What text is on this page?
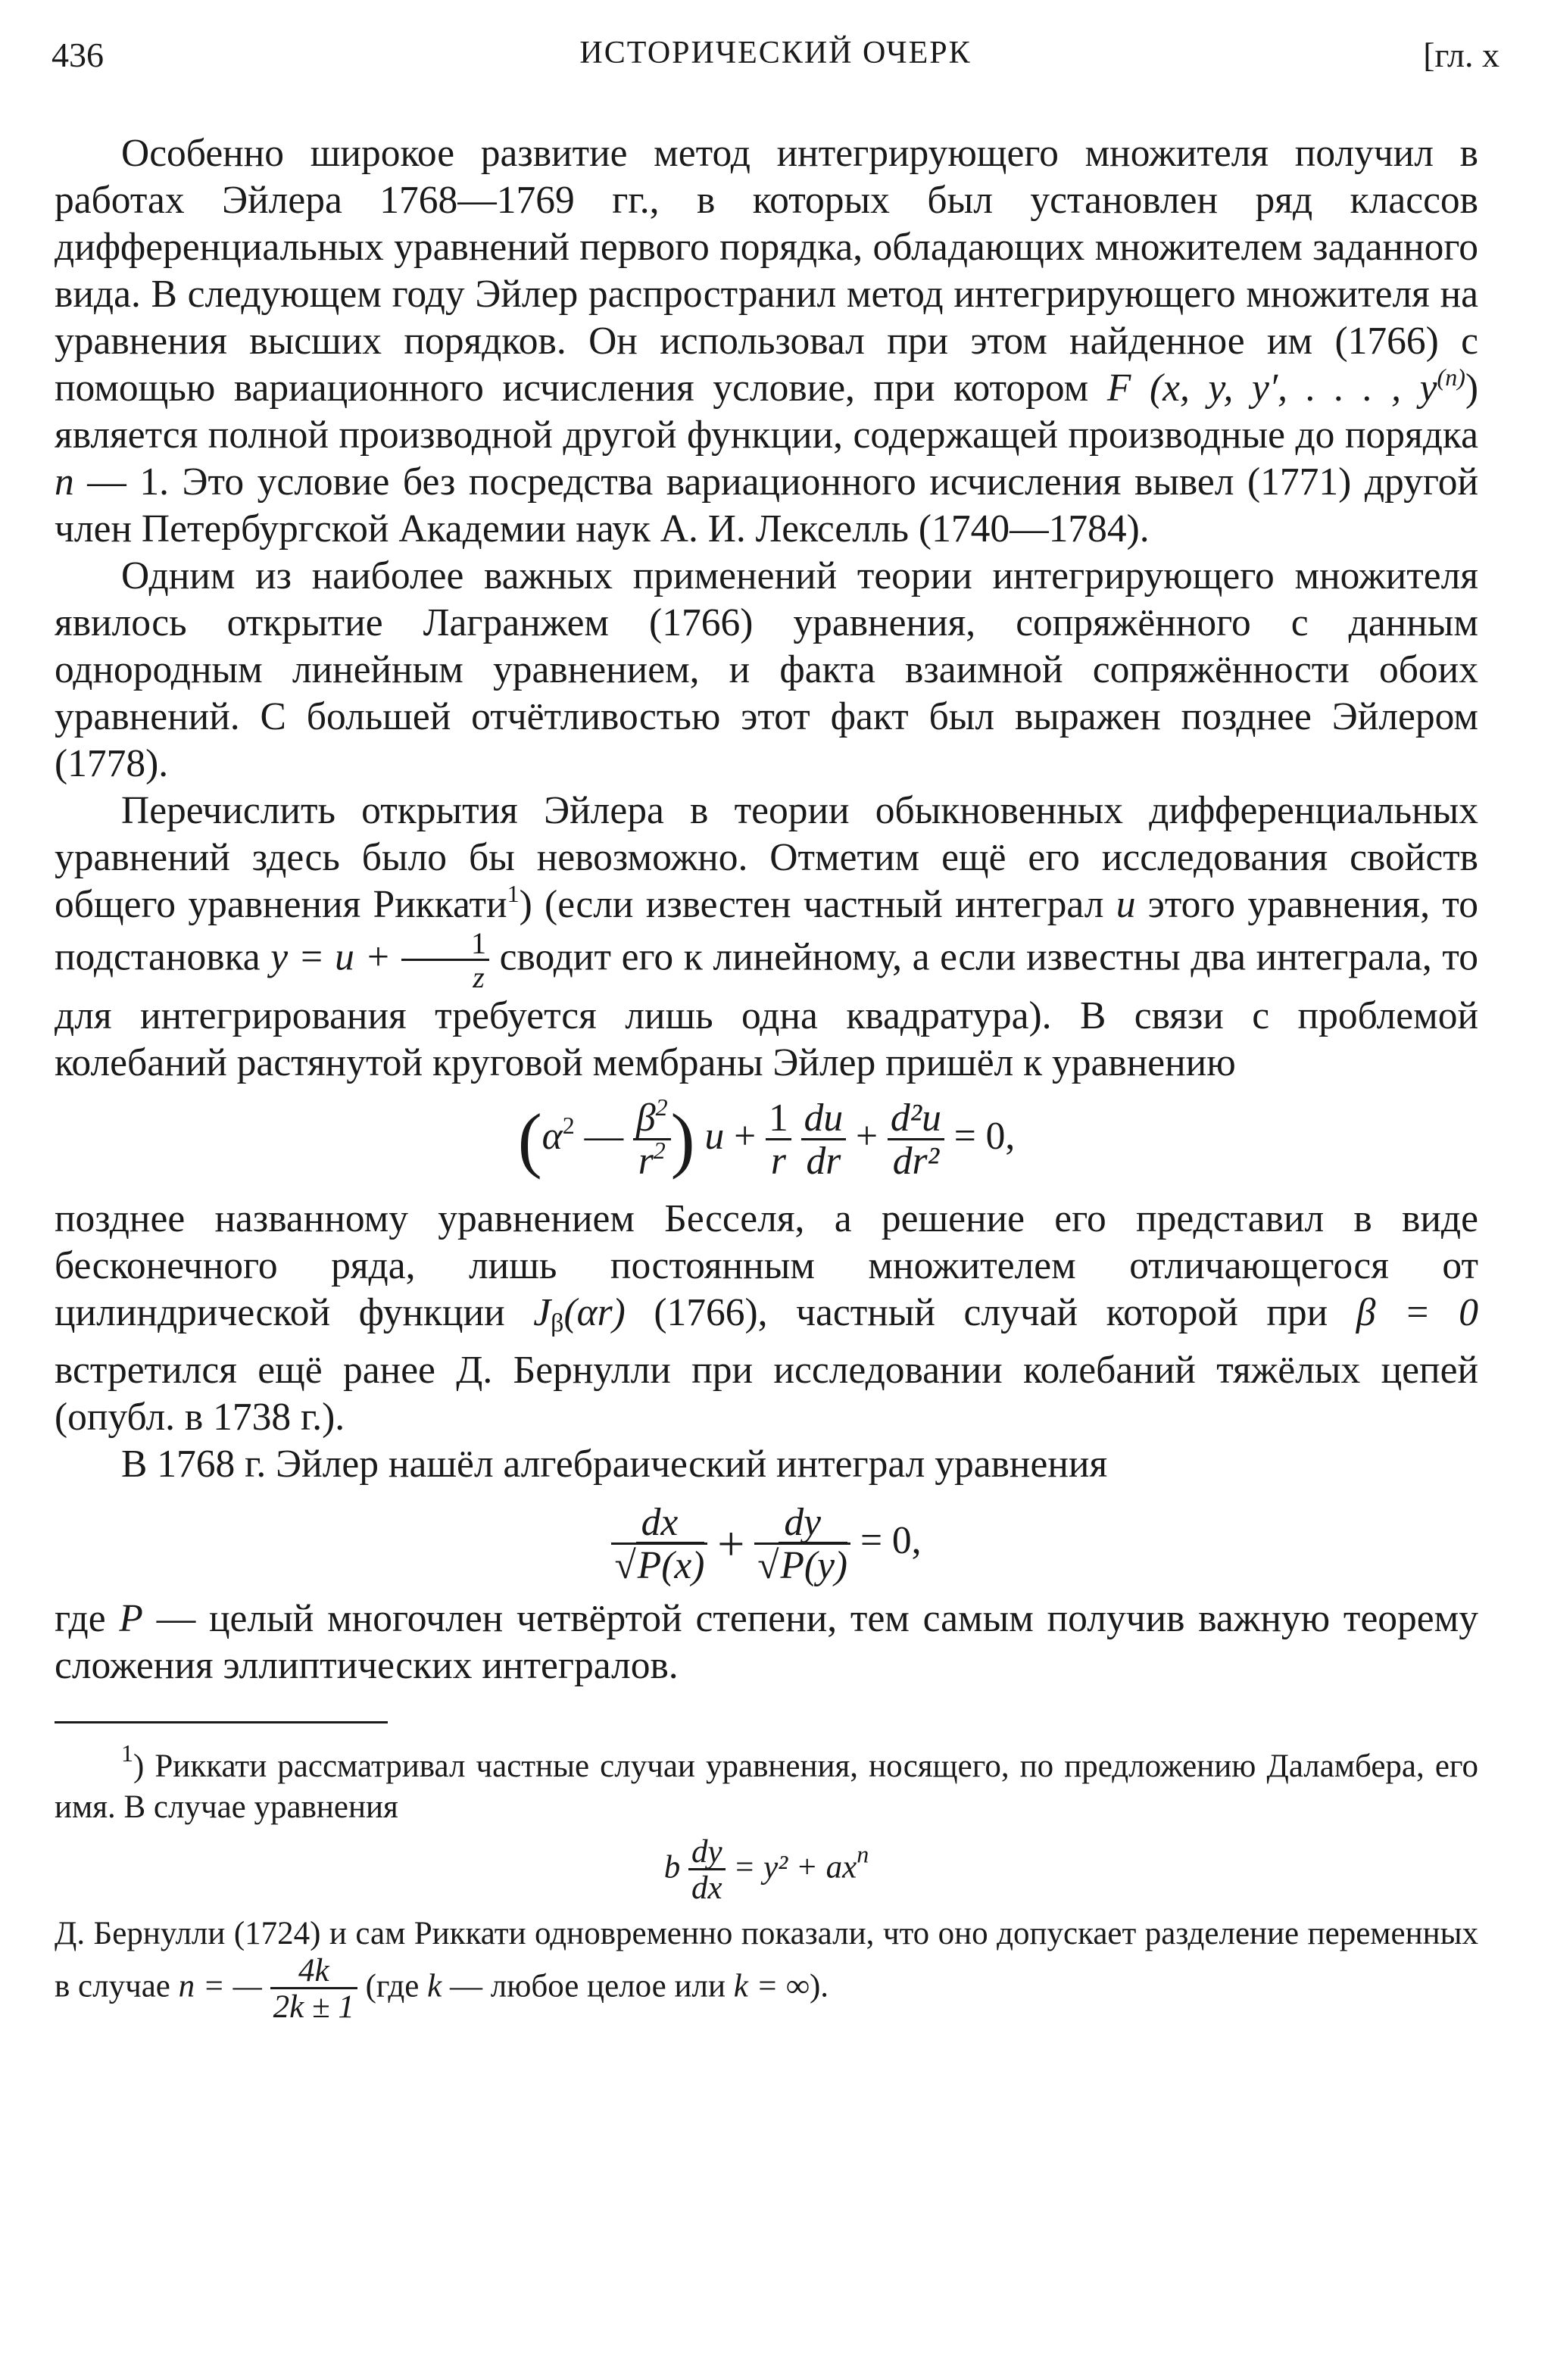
436	ИСТОРИЧЕСКИЙ ОЧЕРК	[гл. x

Особенно широкое развитие метод интегрирующего множителя получил в работах Эйлера 1768—1769 гг., в которых был установлен ряд классов дифференциальных уравнений первого порядка, обладающих множителем заданного вида. В следующем году Эйлер распространил метод интегрирующего множителя на уравнения высших порядков. Он использовал при этом найденное им (1766) с помощью вариационного исчисления условие, при котором F (x, y, y′, . . . , $y^{(n)}$) является полной производной другой функции, содержащей производные до порядка n — 1. Это условие без посредства вариационного исчисления вывел (1771) другой член Петербургской Академии наук А. И. Лекселль (1740—1784).

Одним из наиболее важных применений теории интегрирующего множителя явилось открытие Лагранжем (1766) уравнения, сопряжённого с данным однородным линейным уравнением, и факта взаимной сопряжённости обоих уравнений. С большей отчётливостью этот факт был выражен позднее Эйлером (1778).

Перечислить открытия Эйлера в теории обыкновенных дифференциальных уравнений здесь было бы невозможно. Отметим ещё его исследования свойств общего уравнения Риккати$^1$) (если известен частный интеграл u этого уравнения, то подстановка $y = u + \frac{1}{z}$ сводит его к линейному, а если известны два интеграла, то для интегрирования требуется лишь одна квадратура). В связи с проблемой колебаний растянутой круговой мембраны Эйлер пришёл к уравнению

($\alpha^2$ — $\frac{\beta^2}{r^2}$ ) $u + \frac{1}{r}$
$\frac{du}{dr} + \frac{\text{d²u}}{\text{dr²}} = 0$,

позднее названному уравнением Бесселя, а решение его представил в виде бесконечного ряда, лишь постоянным множителем отличающегося от цилиндрической функции Jβ(αr) (1766), частный случай которой при β = 0 встретился ещё ранее Д. Бернулли при исследовании колебаний тяжёлых цепей (опубл. в 1738 г.).

В 1768 г. Эйлер нашёл алгебраический интеграл уравнения

$\frac{dx}{√P(x)} + \frac{dy}{√P(y)} = 0$,

где P — целый многочлен четвёртой степени, тем самым получив важную теорему сложения эллиптических интегралов.

$^1$) Риккати рассматривал частные случаи уравнения, носящего, по предложению Даламбера, его имя. В случае уравнения

b $\frac{dy}{dx} = y^2 + ax^n$

Д. Бернулли (1724) и сам Риккати одновременно показали, что оно допускает разделение переменных в случае n = — $\frac{4k}{2k \pm 1} (где$ k — любое целое или k = ∞).
